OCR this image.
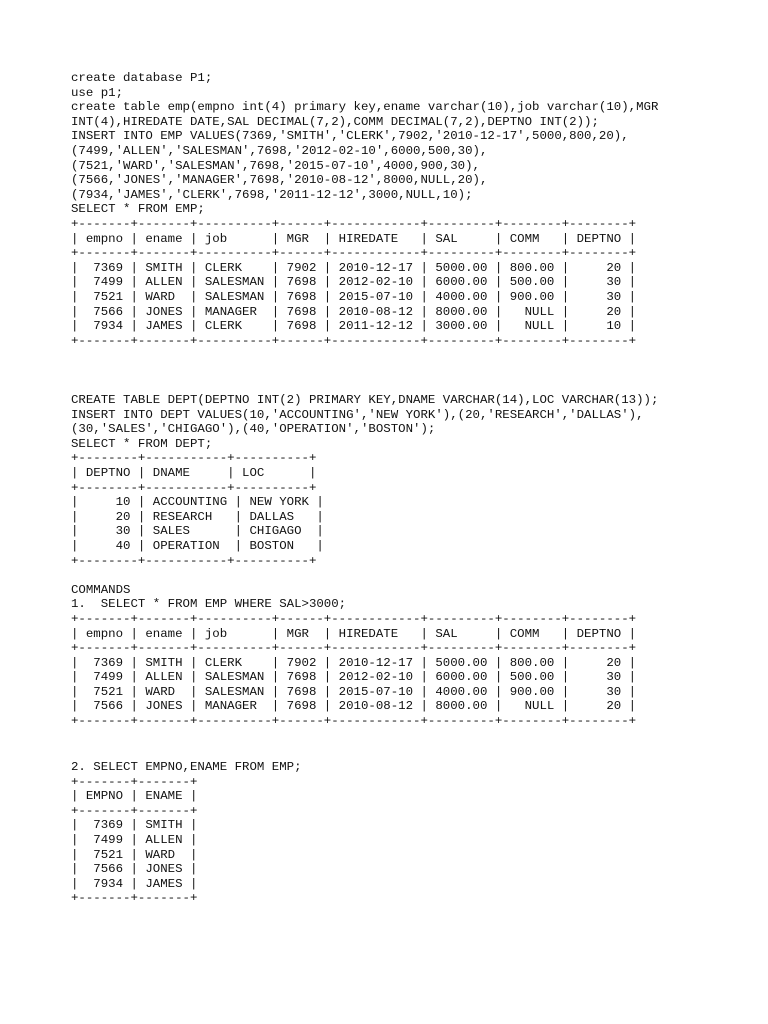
create database P1;
use p1;
create table emp(empno int(4) primary key,ename varchar(10),job varchar(10),MGR
INT(4),HIREDATE DATE,SAL DECIMAL(7,2),COMM DECIMAL(7,2),DEPTNO INT(2));
INSERT INTO EMP VALUES(7369,'SMITH','CLERK',7902,'2010-12-17',5000,800,20),
(7499,'ALLEN','SALESMAN',7698,'2012-02-10',6000,500,30),
(7521,'WARD','SALESMAN',7698,'2015-07-10',4000,900,30),
(7566,'JONES','MANAGER',7698,'2010-08-12',8000,NULL,20),
(7934,'JAMES','CLERK',7698,'2011-12-12',3000,NULL,10);
SELECT * FROM EMP;
+-------+-------+----------+------+------------+---------+--------+--------+
| empno | ename | job      | MGR  | HIREDATE   | SAL     | COMM   | DEPTNO |
+-------+-------+----------+------+------------+---------+--------+--------+
|  7369 | SMITH | CLERK    | 7902 | 2010-12-17 | 5000.00 | 800.00 |     20 |
|  7499 | ALLEN | SALESMAN | 7698 | 2012-02-10 | 6000.00 | 500.00 |     30 |
|  7521 | WARD  | SALESMAN | 7698 | 2015-07-10 | 4000.00 | 900.00 |     30 |
|  7566 | JONES | MANAGER  | 7698 | 2010-08-12 | 8000.00 |   NULL |     20 |
|  7934 | JAMES | CLERK    | 7698 | 2011-12-12 | 3000.00 |   NULL |     10 |
+-------+-------+----------+------+------------+---------+--------+--------+
CREATE TABLE DEPT(DEPTNO INT(2) PRIMARY KEY,DNAME VARCHAR(14),LOC VARCHAR(13));
INSERT INTO DEPT VALUES(10,'ACCOUNTING','NEW YORK'),(20,'RESEARCH','DALLAS'),
(30,'SALES','CHIGAGO'),(40,'OPERATION','BOSTON');
SELECT * FROM DEPT;
+--------+-----------+----------+
| DEPTNO | DNAME     | LOC      |
+--------+-----------+----------+
|     10 | ACCOUNTING | NEW YORK |
|     20 | RESEARCH   | DALLAS   |
|     30 | SALES      | CHIGAGO  |
|     40 | OPERATION  | BOSTON   |
+--------+-----------+----------+
COMMANDS
1.  SELECT * FROM EMP WHERE SAL>3000;
+-------+-------+----------+------+------------+---------+--------+--------+
| empno | ename | job      | MGR  | HIREDATE   | SAL     | COMM   | DEPTNO |
+-------+-------+----------+------+------------+---------+--------+--------+
|  7369 | SMITH | CLERK    | 7902 | 2010-12-17 | 5000.00 | 800.00 |     20 |
|  7499 | ALLEN | SALESMAN | 7698 | 2012-02-10 | 6000.00 | 500.00 |     30 |
|  7521 | WARD  | SALESMAN | 7698 | 2015-07-10 | 4000.00 | 900.00 |     30 |
|  7566 | JONES | MANAGER  | 7698 | 2010-08-12 | 8000.00 |   NULL |     20 |
+-------+-------+----------+------+------------+---------+--------+--------+
2. SELECT EMPNO,ENAME FROM EMP;
+-------+-------+
| EMPNO | ENAME |
+-------+-------+
|  7369 | SMITH |
|  7499 | ALLEN |
|  7521 | WARD  |
|  7566 | JONES |
|  7934 | JAMES |
+-------+-------+
